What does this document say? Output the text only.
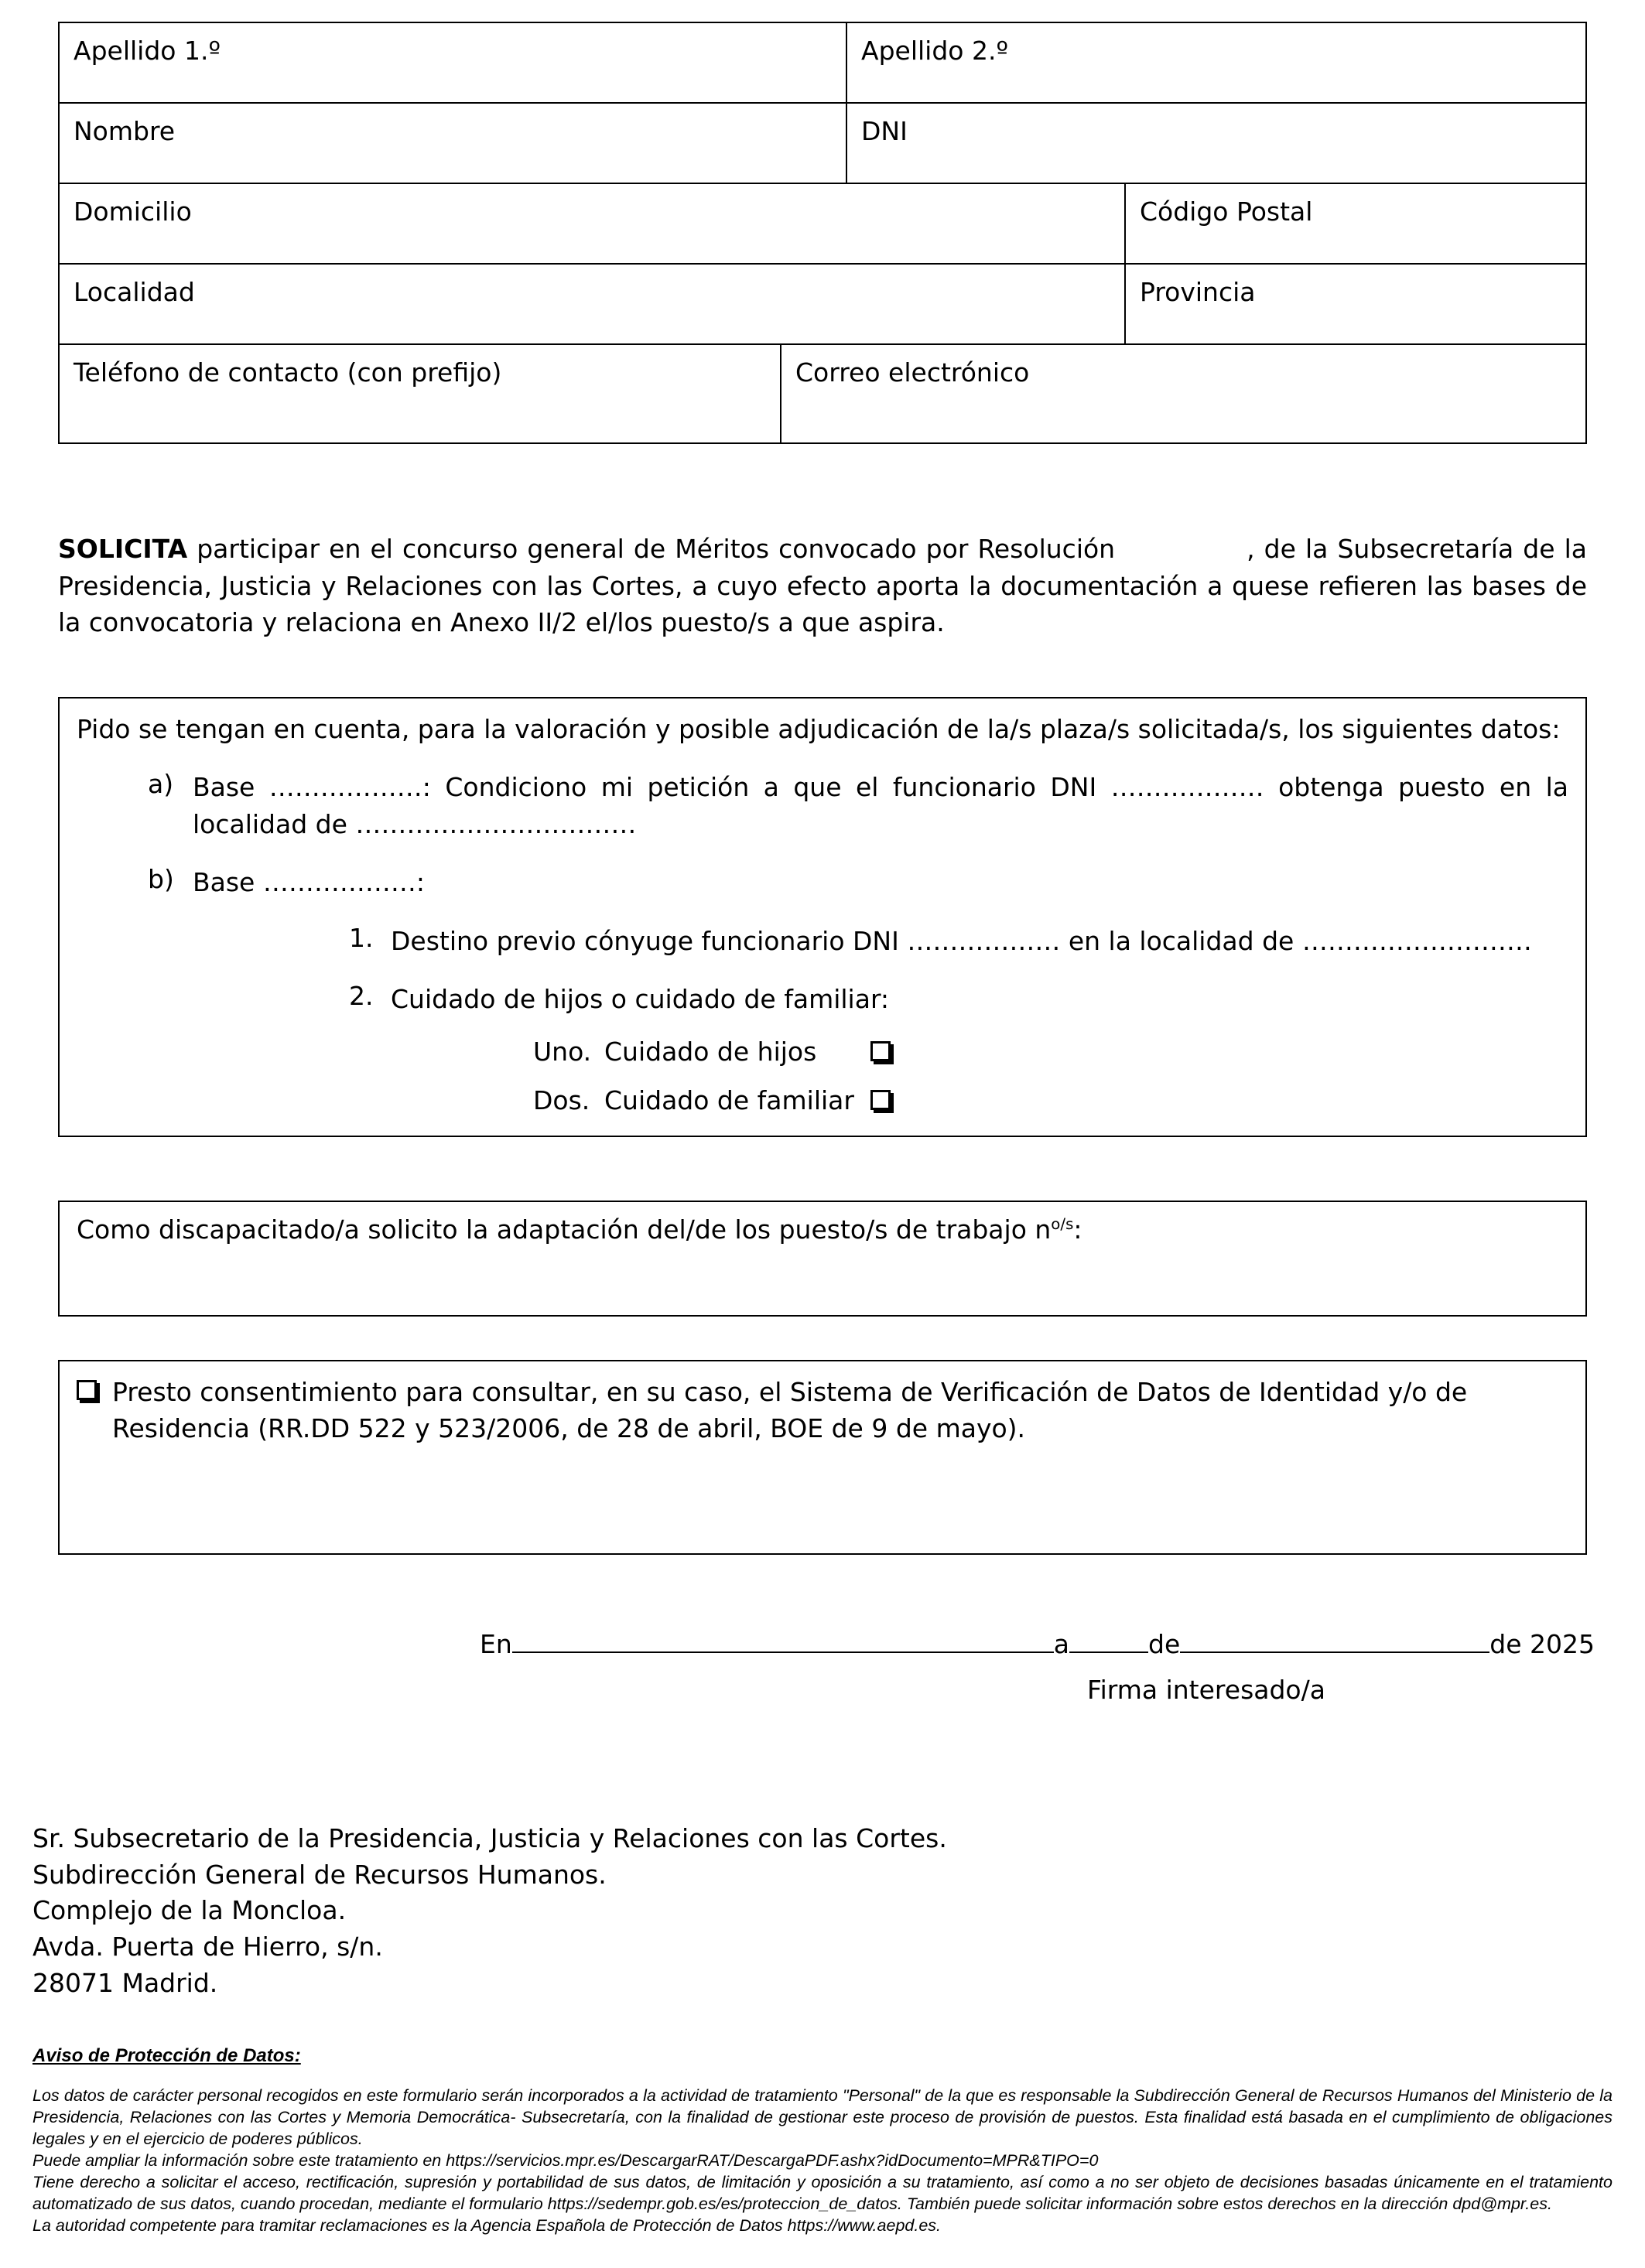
Apellido 1.º	Apellido 2.º
Nombre	DNI
Domicilio	Código Postal
Localidad	Provincia
Teléfono de contacto (con prefijo)	Correo electrónico

SOLICITA participar en el concurso general de Méritos convocado por Resolución	, de la Subsecretaría de la Presidencia, Justicia y Relaciones con las Cortes, a cuyo efecto aporta la documentación a quese refieren las bases de la convocatoria y relaciona en Anexo II/2 el/los puesto/s a que aspira.

Pido se tengan en cuenta, para la valoración y posible adjudicación de la/s plaza/s solicitada/s, los siguientes datos:

a) Base ………………: Condiciono mi petición a que el funcionario DNI ……………… obtenga puesto en la localidad de ……………………………
b) Base ………………:
1. Destino previo cónyuge funcionario DNI ……………… en la localidad de ………………………
2. Cuidado de hijos o cuidado de familiar:
Uno. Cuidado de hijos
Dos. Cuidado de familiar

Como discapacitado/a solicito la adaptación del/de los puesto/s de trabajo $n^{o/s}$:

Presto consentimiento para consultar, en su caso, el Sistema de Verificación de Datos de Identidad y/o de Residencia (RR.DD 522 y 523/2006, de 28 de abril, BOE de 9 de mayo).
En	a	de	de 2025
Firma interesado/a
Sr. Subsecretario de la Presidencia, Justicia y Relaciones con las Cortes.
Subdirección General de Recursos Humanos.
Complejo de la Moncloa.
Avda. Puerta de Hierro, s/n.
28071 Madrid.
Aviso de Protección de Datos:

Los datos de carácter personal recogidos en este formulario serán incorporados a la actividad de tratamiento "Personal" de la que es responsable la Subdirección General de Recursos Humanos del Ministerio de la Presidencia, Relaciones con las Cortes y Memoria Democrática- Subsecretaría, con la finalidad de gestionar este proceso de provisión de puestos. Esta finalidad está basada en el cumplimiento de obligaciones legales y en el ejercicio de poderes públicos.

Puede ampliar la información sobre este tratamiento en https://servicios.mpr.es/DescargarRAT/DescargaPDF.ashx?idDocumento=MPR&TIPO=0

Tiene derecho a solicitar el acceso, rectificación, supresión y portabilidad de sus datos, de limitación y oposición a su tratamiento, así como a no ser objeto de decisiones basadas únicamente en el tratamiento automatizado de sus datos, cuando procedan, mediante el formulario https://sedempr.gob.es/es/proteccion_de_datos. También puede solicitar información sobre estos derechos en la dirección dpd@mpr.es.

La autoridad competente para tramitar reclamaciones es la Agencia Española de Protección de Datos https://www.aepd.es.
